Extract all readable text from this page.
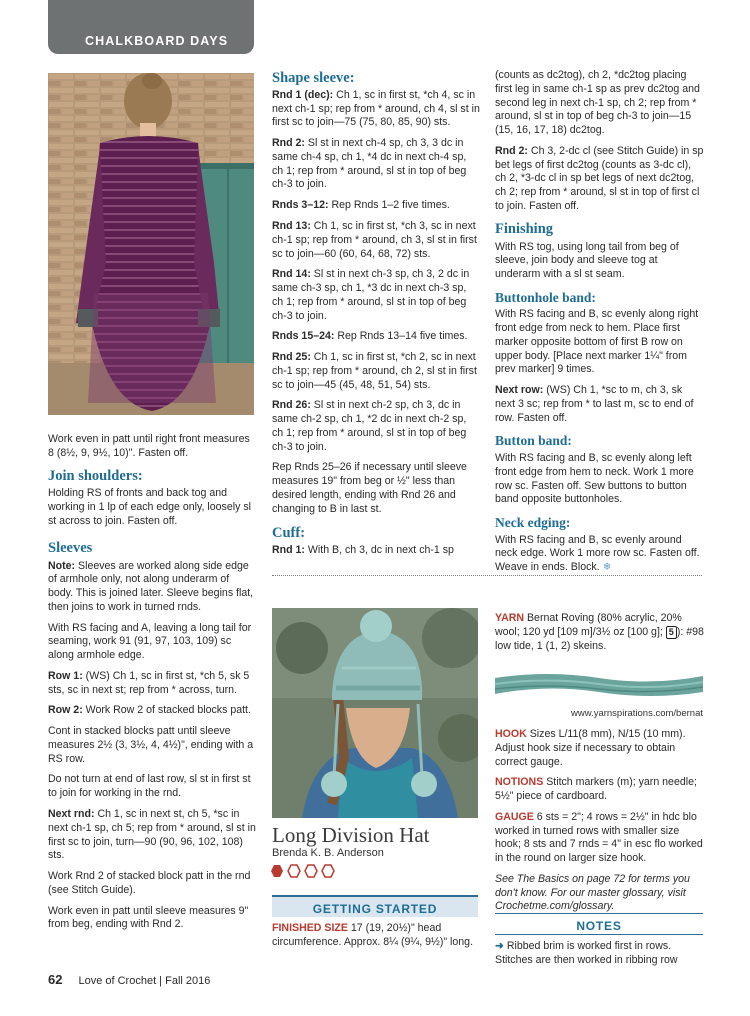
CHALKBOARD DAYS

Work even in patt until right front measures 8 (8½, 9, 9½, 10)". Fasten off.

Join shoulders:

Holding RS of fronts and back tog and working in 1 lp of each edge only, loosely sl st across to join. Fasten off.

Sleeves

Note: Sleeves are worked along side edge of armhole only, not along underarm of body. This is joined later. Sleeve begins flat, then joins to work in turned rnds.

With RS facing and A, leaving a long tail for seaming, work 91 (91, 97, 103, 109) sc along armhole edge.

Row 1: (WS) Ch 1, sc in first st, *ch 5, sk 5 sts, sc in next st; rep from * across, turn.

Row 2: Work Row 2 of stacked blocks patt.

Cont in stacked blocks patt until sleeve measures 2½ (3, 3½, 4, 4½)", ending with a RS row.

Do not turn at end of last row, sl st in first st to join for working in the rnd.

Next rnd: Ch 1, sc in next st, ch 5, *sc in next ch-1 sp, ch 5; rep from * around, sl st in first sc to join, turn—90 (90, 96, 102, 108) sts.

Work Rnd 2 of stacked block patt in the rnd (see Stitch Guide).

Work even in patt until sleeve measures 9" from beg, ending with Rnd 2.

Shape sleeve:

Rnd 1 (dec): Ch 1, sc in first st, *ch 4, sc in next ch-1 sp; rep from * around, ch 4, sl st in first sc to join—75 (75, 80, 85, 90) sts.

Rnd 2: Sl st in next ch-4 sp, ch 3, 3 dc in same ch-4 sp, ch 1, *4 dc in next ch-4 sp, ch 1; rep from * around, sl st in top of beg ch-3 to join.

Rnds 3–12: Rep Rnds 1–2 five times.

Rnd 13: Ch 1, sc in first st, *ch 3, sc in next ch-1 sp; rep from * around, ch 3, sl st in first sc to join—60 (60, 64, 68, 72) sts.

Rnd 14: Sl st in next ch-3 sp, ch 3, 2 dc in same ch-3 sp, ch 1, *3 dc in next ch-3 sp, ch 1; rep from * around, sl st in top of beg ch-3 to join.

Rnds 15–24: Rep Rnds 13–14 five times.

Rnd 25: Ch 1, sc in first st, *ch 2, sc in next ch-1 sp; rep from * around, ch 2, sl st in first sc to join—45 (45, 48, 51, 54) sts.

Rnd 26: Sl st in next ch-2 sp, ch 3, dc in same ch-2 sp, ch 1, *2 dc in next ch-2 sp, ch 1; rep from * around, sl st in top of beg ch-3 to join.

Rep Rnds 25–26 if necessary until sleeve measures 19" from beg or ½" less than desired length, ending with Rnd 26 and changing to B in last st.

Cuff:

Rnd 1: With B, ch 3, dc in next ch-1 sp

(counts as dc2tog), ch 2, *dc2tog placing first leg in same ch-1 sp as prev dc2tog and second leg in next ch-1 sp, ch 2; rep from * around, sl st in top of beg ch-3 to join—15 (15, 16, 17, 18) dc2tog.

Rnd 2: Ch 3, 2-dc cl (see Stitch Guide) in sp bet legs of first dc2tog (counts as 3-dc cl), ch 2, *3-dc cl in sp bet legs of next dc2tog, ch 2; rep from * around, sl st in top of first cl to join. Fasten off.

Finishing

With RS tog, using long tail from beg of sleeve, join body and sleeve tog at underarm with a sl st seam.

Buttonhole band:

With RS facing and B, sc evenly along right front edge from neck to hem. Place first marker opposite bottom of first B row on upper body. [Place next marker 1¼" from prev marker] 9 times.

Next row: (WS) Ch 1, *sc to m, ch 3, sk next 3 sc; rep from * to last m, sc to end of row. Fasten off.

Button band:

With RS facing and B, sc evenly along left front edge from hem to neck. Work 1 more row sc. Fasten off. Sew buttons to button band opposite buttonholes.

Neck edging:

With RS facing and B, sc evenly around neck edge. Work 1 more row sc. Fasten off. Weave in ends. Block. ❄

Long Division Hat
Brenda K. B. Anderson
GETTING STARTED

FINISHED SIZE 17 (19, 20½)" head circumference. Approx. 8¼ (9¼, 9½)" long.

YARN Bernat Roving (80% acrylic, 20% wool; 120 yd [109 m]/3½ oz [100 g]; 5 ): #98 low tide, 1 (1, 2) skeins.

www.yarnspirations.com/bernat

HOOK Sizes L/11(8 mm), N/15 (10 mm). Adjust hook size if necessary to obtain correct gauge.

NOTIONS Stitch markers (m); yarn needle; 5½" piece of cardboard.

GAUGE 6 sts = 2"; 4 rows = 2½" in hdc blo worked in turned rows with smaller size hook; 8 sts and 7 rnds = 4" in esc flo worked in the round on larger size hook.

See The Basics on page 72 for terms you don't know. For our master glossary, visit Crochetme.com/glossary.

NOTES

➜ Ribbed brim is worked first in rows. Stitches are then worked in ribbing row

62 Love of Crochet | Fall 2016
